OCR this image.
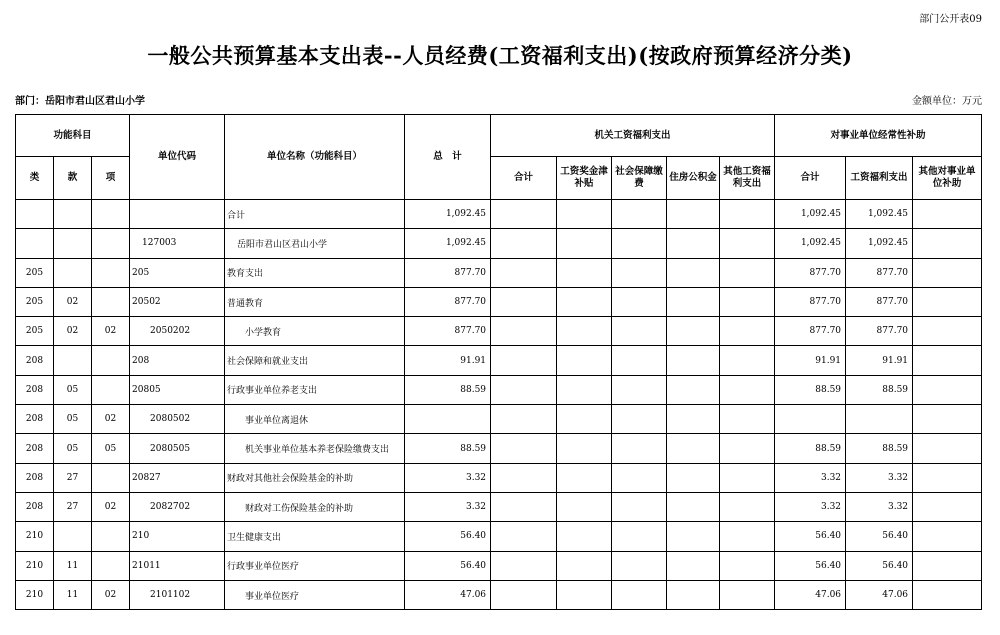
部门公开表09
一般公共预算基本支出表--人员经费(工资福利支出)(按政府预算经济分类)
部门：岳阳市君山区君山小学	金额单位：万元
功能科目			单位代码	单位名称（功能科目）	总　计	机关工资福利支出					对事业单位经常性补助		
类	款	项				合计	工资奖金津补贴	社会保障缴费	住房公积金	其他工资福利支出	合计	工资福利支出	其他对事业单位补助
				合计	1,092.45						1,092.45	1,092.45	
			127003	岳阳市君山区君山小学	1,092.45						1,092.45	1,092.45	
205			205	教育支出	877.70						877.70	877.70	
205	02		20502	普通教育	877.70						877.70	877.70	
205	02	02	2050202	小学教育	877.70						877.70	877.70	
208			208	社会保障和就业支出	91.91						91.91	91.91	
208	05		20805	行政事业单位养老支出	88.59						88.59	88.59	
208	05	02	2080502	事业单位离退休									
208	05	05	2080505	机关事业单位基本养老保险缴费支出	88.59						88.59	88.59	
208	27		20827	财政对其他社会保险基金的补助	3.32						3.32	3.32	
208	27	02	2082702	财政对工伤保险基金的补助	3.32						3.32	3.32	
210			210	卫生健康支出	56.40						56.40	56.40	
210	11		21011	行政事业单位医疗	56.40						56.40	56.40	
210	11	02	2101102	事业单位医疗	47.06						47.06	47.06	
